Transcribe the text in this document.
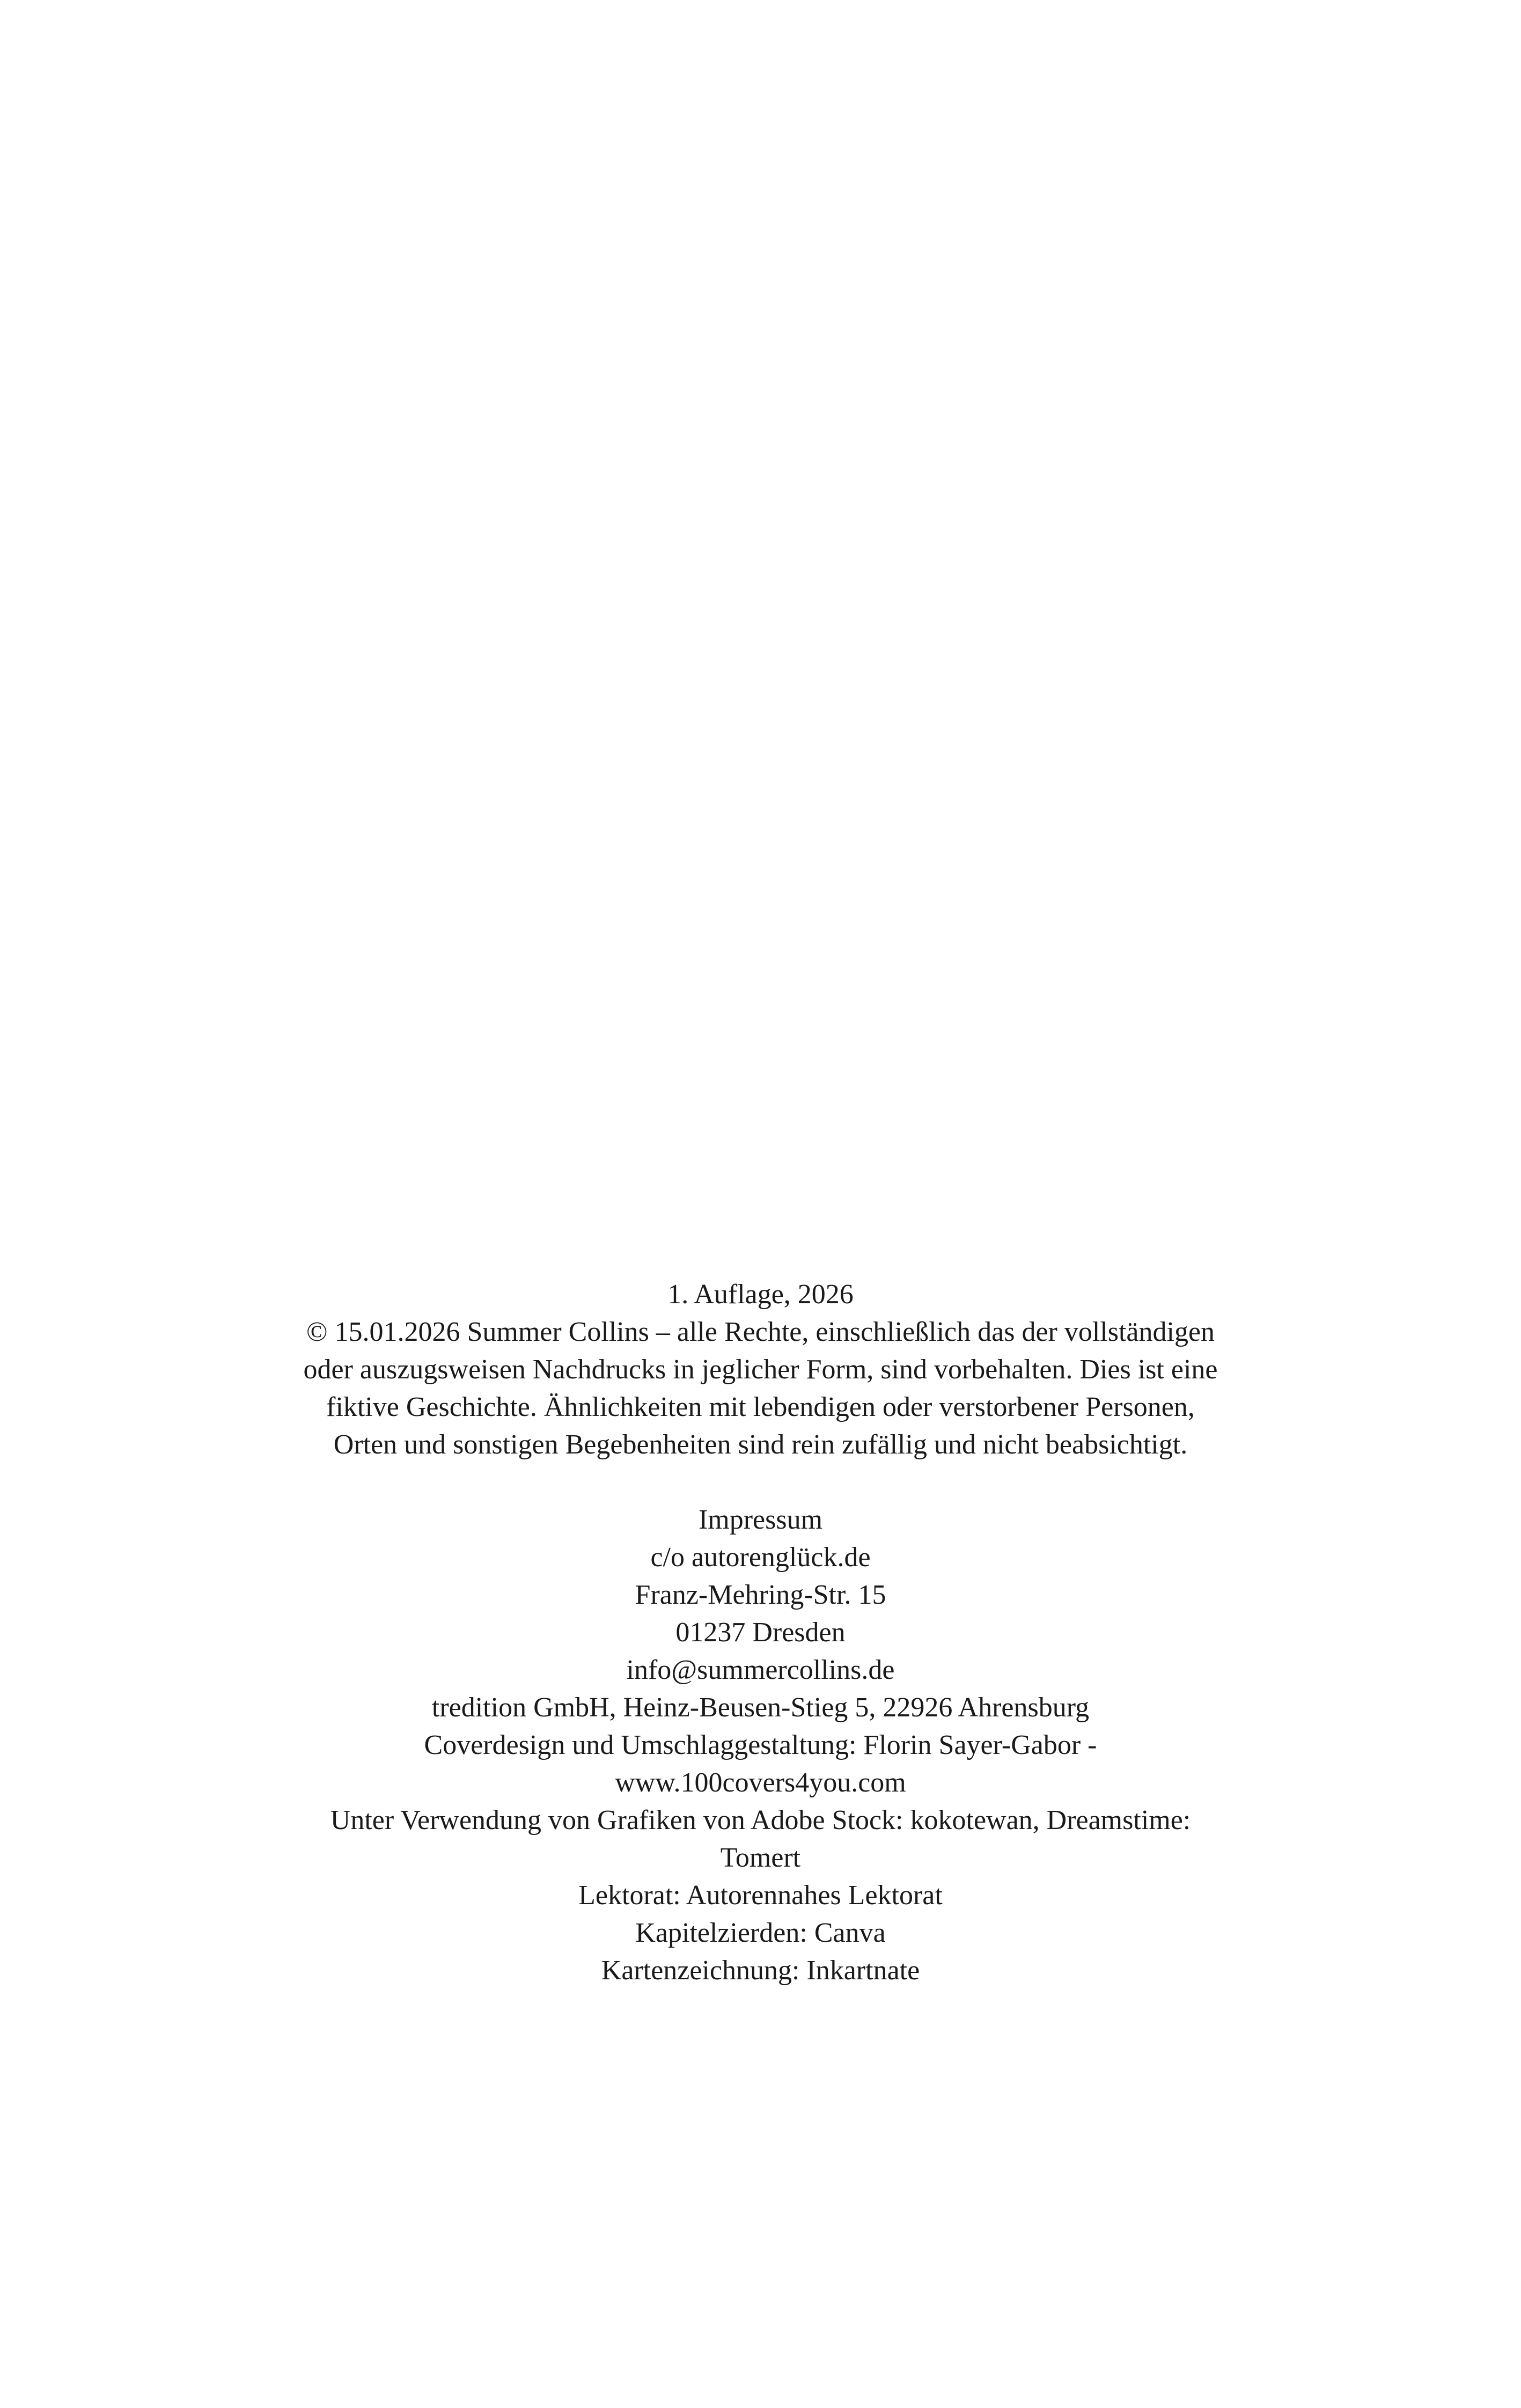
1. Auflage, 2026
© 15.01.2026 Summer Collins – alle Rechte, einschließlich das der vollständigen
oder auszugsweisen Nachdrucks in jeglicher Form, sind vorbehalten. Dies ist eine
fiktive Geschichte. Ähnlichkeiten mit lebendigen oder verstorbener Personen,
Orten und sonstigen Begebenheiten sind rein zufällig und nicht beabsichtigt.
Impressum
c/o autorenglück.de
Franz-Mehring-Str. 15
01237 Dresden
info@summercollins.de
tredition GmbH, Heinz-Beusen-Stieg 5, 22926 Ahrensburg
Coverdesign und Umschlaggestaltung: Florin Sayer-Gabor -
www.100covers4you.com
Unter Verwendung von Grafiken von Adobe Stock: kokotewan, Dreamstime:
Tomert
Lektorat: Autorennahes Lektorat
Kapitelzierden: Canva
Kartenzeichnung: Inkartnate
